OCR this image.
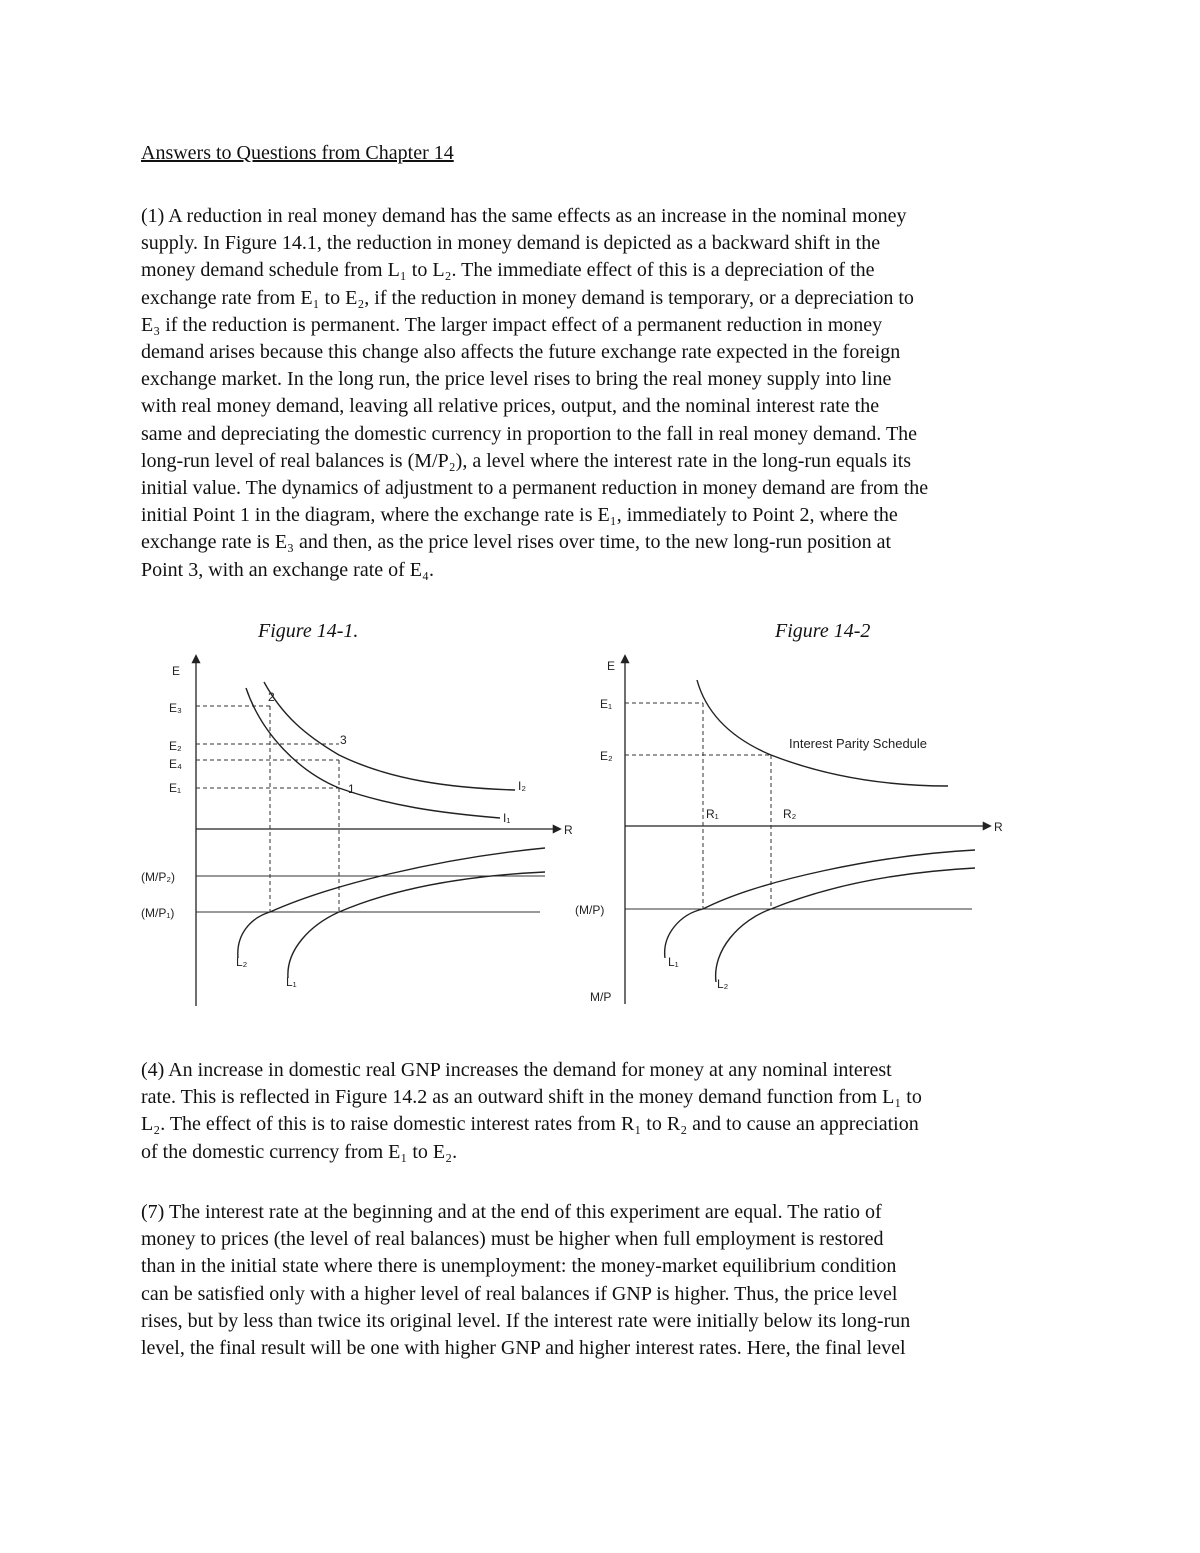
Answers to Questions from Chapter 14
(1) A reduction in real money demand has the same effects as an increase in the nominal money
supply. In Figure 14.1, the reduction in money demand is depicted as a backward shift in the
money demand schedule from L₁ to L₂. The immediate effect of this is a depreciation of the
exchange rate from E₁ to E₂, if the reduction in money demand is temporary, or a depreciation to
E₃ if the reduction is permanent. The larger impact effect of a permanent reduction in money
demand arises because this change also affects the future exchange rate expected in the foreign
exchange market. In the long run, the price level rises to bring the real money supply into line
with real money demand, leaving all relative prices, output, and the nominal interest rate the
same and depreciating the domestic currency in proportion to the fall in real money demand. The
long-run level of real balances is (M/P₂), a level where the interest rate in the long-run equals its
initial value. The dynamics of adjustment to a permanent reduction in money demand are from the
initial Point 1 in the diagram, where the exchange rate is E₁, immediately to Point 2, where the
exchange rate is E₃ and then, as the price level rises over time, to the new long-run position at
Point 3, with an exchange rate of E₄.
Figure 14-1.	Figure 14-2
E
R
E₃
E₂
E₄
E₁
(M/P₂)
(M/P₁)
2
3
1	I₂
I₁
L₂
L₁
E
R
M/P
E₁
E₂
(M/P)
Interest Parity Schedule
R₁	R₂
L₁
L₂
(4) An increase in domestic real GNP increases the demand for money at any nominal interest
rate. This is reflected in Figure 14.2 as an outward shift in the money demand function from L₁ to
L₂. The effect of this is to raise domestic interest rates from R₁ to R₂ and to cause an appreciation
of the domestic currency from E₁ to E₂.
(7) The interest rate at the beginning and at the end of this experiment are equal. The ratio of
money to prices (the level of real balances) must be higher when full employment is restored
than in the initial state where there is unemployment: the money-market equilibrium condition
can be satisfied only with a higher level of real balances if GNP is higher. Thus, the price level
rises, but by less than twice its original level. If the interest rate were initially below its long-run
level, the final result will be one with higher GNP and higher interest rates. Here, the final level
